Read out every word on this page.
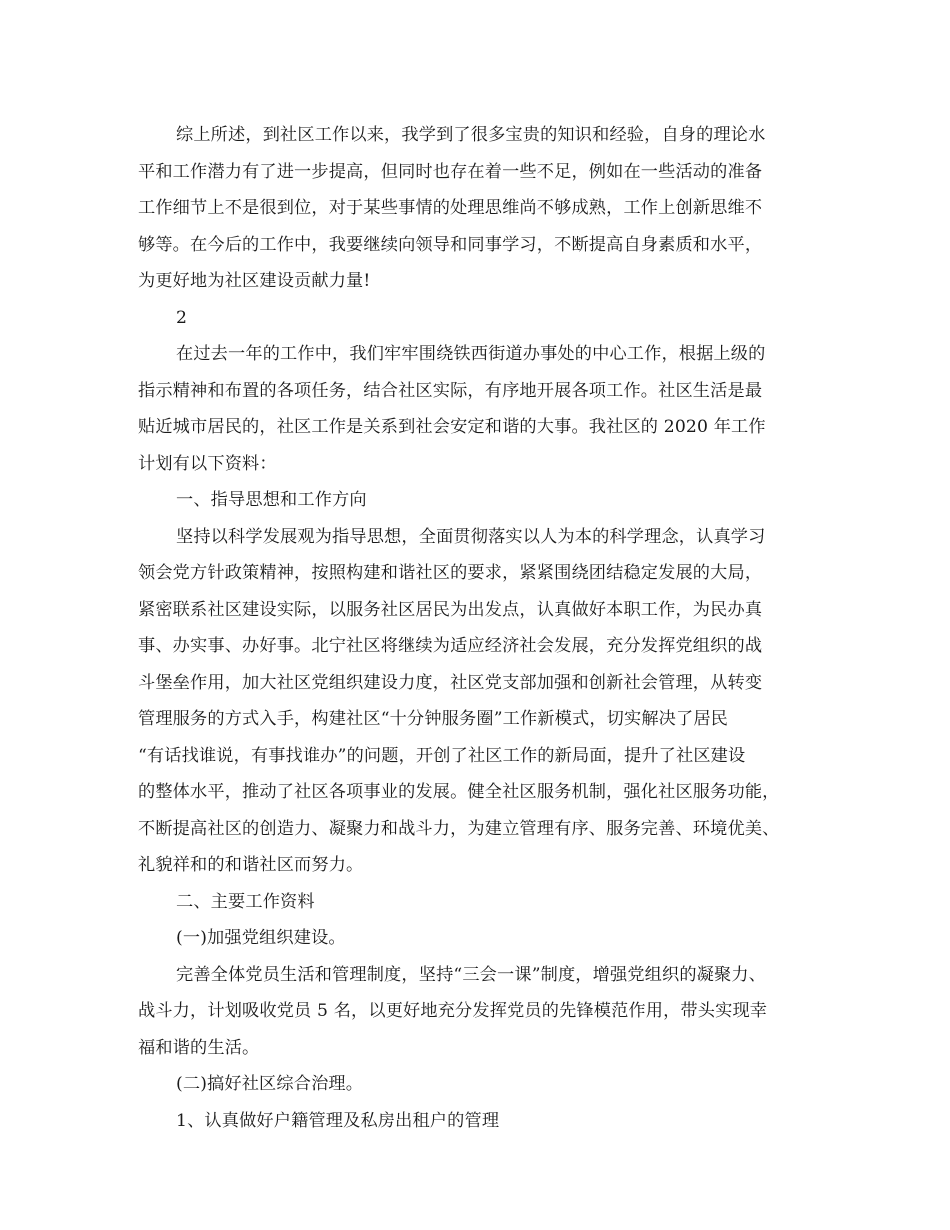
综上所述，到社区工作以来，我学到了很多宝贵的知识和经验，自身的理论水
平和工作潜力有了进一步提高，但同时也存在着一些不足，例如在一些活动的准备
工作细节上不是很到位，对于某些事情的处理思维尚不够成熟，工作上创新思维不
够等。在今后的工作中，我要继续向领导和同事学习，不断提高自身素质和水平，
为更好地为社区建设贡献力量!
2
在过去一年的工作中，我们牢牢围绕铁西街道办事处的中心工作，根据上级的
指示精神和布置的各项任务，结合社区实际，有序地开展各项工作。社区生活是最
贴近城市居民的，社区工作是关系到社会安定和谐的大事。我社区的 2020 年工作
计划有以下资料：
一、指导思想和工作方向
坚持以科学发展观为指导思想，全面贯彻落实以人为本的科学理念，认真学习
领会党方针政策精神，按照构建和谐社区的要求，紧紧围绕团结稳定发展的大局，
紧密联系社区建设实际，以服务社区居民为出发点，认真做好本职工作，为民办真
事、办实事、办好事。北宁社区将继续为适应经济社会发展，充分发挥党组织的战
斗堡垒作用，加大社区党组织建设力度，社区党支部加强和创新社会管理，从转变
管理服务的方式入手，构建社区“十分钟服务圈”工作新模式，切实解决了居民
“有话找谁说，有事找谁办”的问题，开创了社区工作的新局面，提升了社区建设
的整体水平，推动了社区各项事业的发展。健全社区服务机制，强化社区服务功能，
不断提高社区的创造力、凝聚力和战斗力，为建立管理有序、服务完善、环境优美、
礼貌祥和的和谐社区而努力。
二、主要工作资料
(一)加强党组织建设。
完善全体党员生活和管理制度，坚持“三会一课”制度，增强党组织的凝聚力、
战斗力，计划吸收党员 5 名，以更好地充分发挥党员的先锋模范作用，带头实现幸
福和谐的生活。
(二)搞好社区综合治理。
1、认真做好户籍管理及私房出租户的管理
